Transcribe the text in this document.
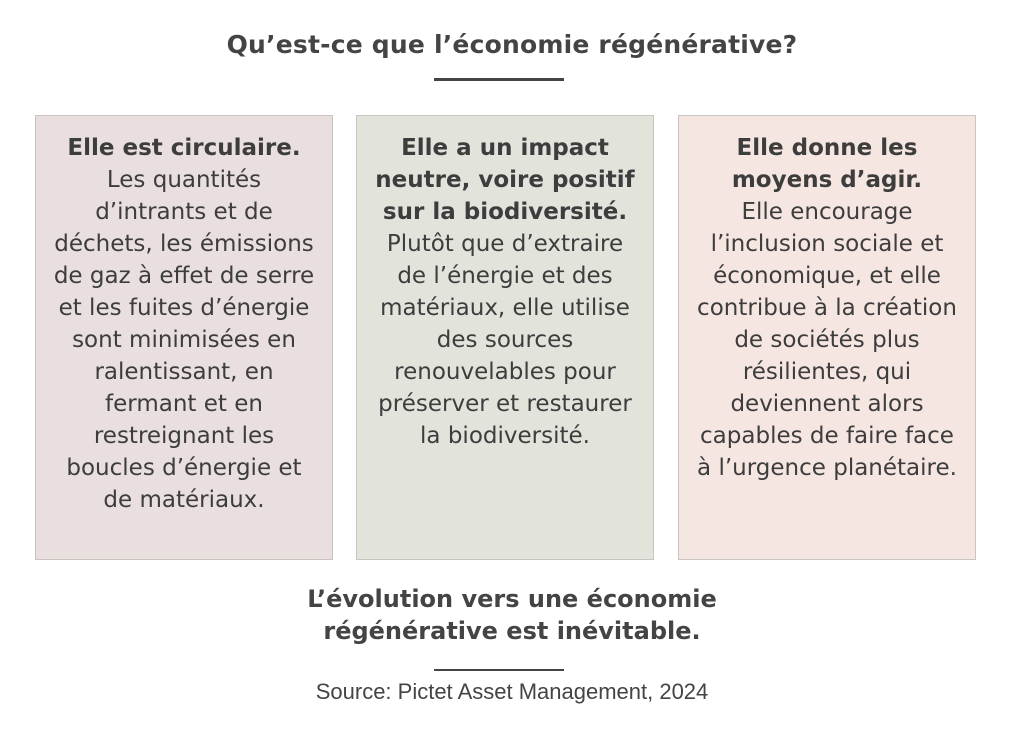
Qu’est-ce que l’économie régénérative?
Elle est circulaire.
Les quantités d’intrants et de déchets, les émissions de gaz à effet de serre et les fuites d’énergie sont minimisées en ralentissant, en fermant et en restreignant les boucles d’énergie et de matériaux.
Elle a un impact neutre, voire positif sur la biodiversité.
Plutôt que d’extraire de l’énergie et des matériaux, elle utilise des sources renouvelables pour préserver et restaurer la biodiversité.
Elle donne les moyens d’agir.
Elle encourage l’inclusion sociale et économique, et elle contribue à la création de sociétés plus résilientes, qui deviennent alors capables de faire face à l’urgence planétaire.
L’évolution vers une économie régénérative est inévitable.
Source: Pictet Asset Management, 2024
